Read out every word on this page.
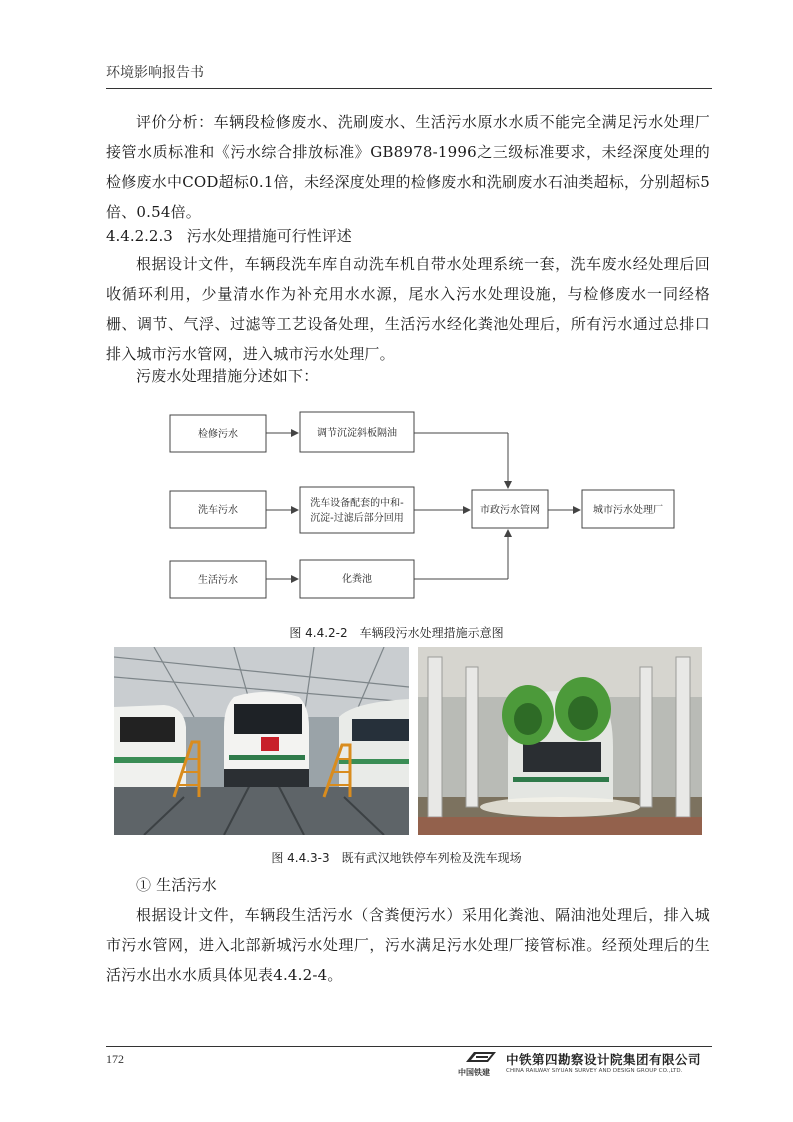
环境影响报告书
评价分析：车辆段检修废水、洗刷废水、生活污水原水水质不能完全满足污水处理厂接管水质标准和《污水综合排放标准》GB8978-1996之三级标准要求，未经深度处理的检修废水中COD超标0.1倍，未经深度处理的检修废水和洗刷废水石油类超标，分别超标5倍、0.54倍。
4.4.2.2.3 污水处理措施可行性评述
根据设计文件，车辆段洗车库自动洗车机自带水处理系统一套，洗车废水经处理后回收循环利用，少量清水作为补充用水水源，尾水入污水处理设施，与检修废水一同经格栅、调节、气浮、过滤等工艺设备处理，生活污水经化粪池处理后，所有污水通过总排口排入城市污水管网，进入城市污水处理厂。
污废水处理措施分述如下：
检修污水	调节沉淀斜板隔油
洗车污水
洗车设备配套的中和-
沉淀-过滤后部分回用
市政污水管网	城市污水处理厂
生活污水	化粪池
图 4.4.2-2 车辆段污水处理措施示意图
图 4.4.3-3 既有武汉地铁停车列检及洗车现场
① 生活污水
根据设计文件，车辆段生活污水（含粪便污水）采用化粪池、隔油池处理后，排入城市污水管网，进入北部新城污水处理厂，污水满足污水处理厂接管标准。经预处理后的生活污水出水水质具体见表4.4.2-4。
172
中国铁建
中铁第四勘察设计院集团有限公司
CHINA RAILWAY SIYUAN SURVEY AND DESIGN GROUP CO.,LTD.
